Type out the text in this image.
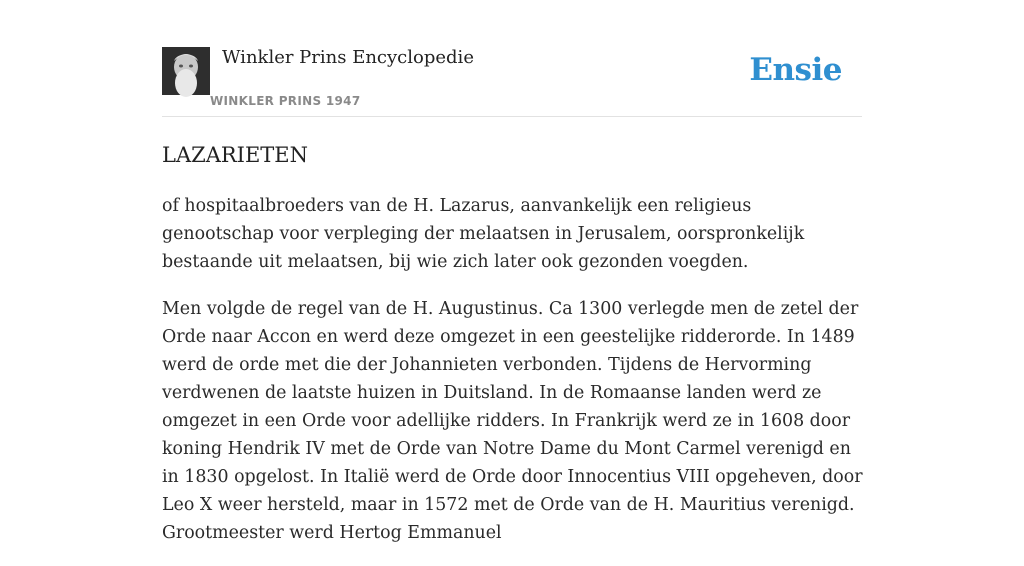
Winkler Prins Encyclopedie
WINKLER PRINS 1947
Ensie
LAZARIETEN

of hospitaalbroeders van de H. Lazarus, aanvankelijk een religieus genootschap voor verpleging der melaatsen in Jerusalem, oorspronkelijk bestaande uit melaatsen, bij wie zich later ook gezonden voegden.

Men volgde de regel van de H. Augustinus. Ca 1300 verlegde men de zetel der Orde naar Accon en werd deze omgezet in een geestelijke ridderorde. In 1489 werd de orde met die der Johannieten verbonden. Tijdens de Hervorming verdwenen de laatste huizen in Duitsland. In de Romaanse landen werd ze omgezet in een Orde voor adellijke ridders. In Frankrijk werd ze in 1608 door koning Hendrik IV met de Orde van Notre Dame du Mont Carmel verenigd en in 1830 opgelost. In Italië werd de Orde door Innocentius VIII opgeheven, door Leo X weer hersteld, maar in 1572 met de Orde van de H. Mauritius verenigd. Grootmeester werd Hertog Emmanuel
